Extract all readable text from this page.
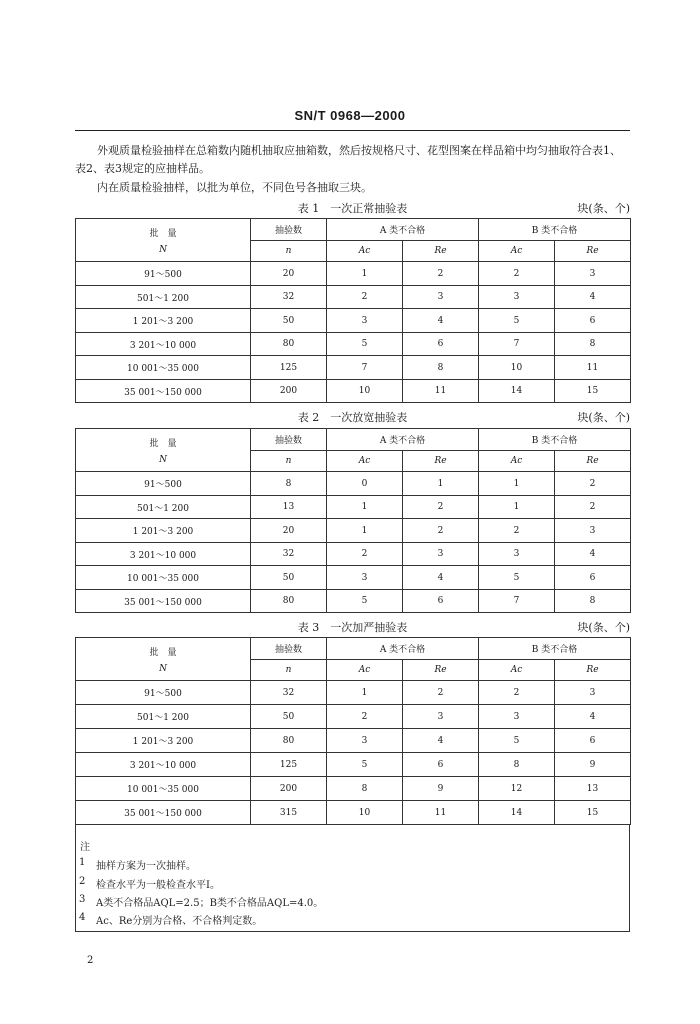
SN/T 0968—2000
外观质量检验抽样在总箱数内随机抽取应抽箱数，然后按规格尺寸、花型图案在样品箱中均匀抽取符合表1、表2、表3规定的应抽样品。
内在质量检验抽样，以批为单位，不同色号各抽取三块。
表 1　一次正常抽验表	块(条、个)
批　量
N	抽验数	A 类不合格		B 类不合格	
	n	Ac	Re	Ac	Re
91～500	20	1	2	2	3
501～1 200	32	2	3	3	4
1 201～3 200	50	3	4	5	6
3 201～10 000	80	5	6	7	8
10 001～35 000	125	7	8	10	11
35 001～150 000	200	10	11	14	15
表 2　一次放宽抽验表	块(条、个)
批　量
N	抽验数	A 类不合格		B 类不合格	
	n	Ac	Re	Ac	Re
91～500	8	0	1	1	2
501～1 200	13	1	2	1	2
1 201～3 200	20	1	2	2	3
3 201～10 000	32	2	3	3	4
10 001～35 000	50	3	4	5	6
35 001～150 000	80	5	6	7	8
表 3　一次加严抽验表	块(条、个)
批　量
N	抽验数	A 类不合格		B 类不合格	
	n	Ac	Re	Ac	Re
91～500	32	1	2	2	3
501～1 200	50	2	3	3	4
1 201～3 200	80	3	4	5	6
3 201～10 000	125	5	6	8	9
10 001～35 000	200	8	9	12	13
35 001～150 000	315	10	11	14	15
注
1 抽样方案为一次抽样。
2 检查水平为一般检查水平Ⅰ。
3 A类不合格品AQL=2.5；B类不合格品AQL=4.0。
4 Ac、Re分别为合格、不合格判定数。
2
